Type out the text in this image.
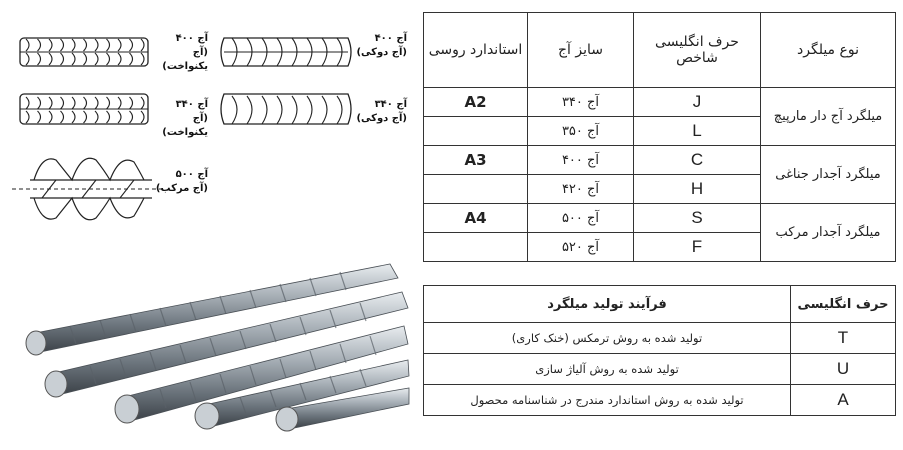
آج ۴۰۰
(آج یکنواخت)
آج ۴۰۰
(آج دوکی)
آج ۳۴۰
(آج یکنواخت)
آج ۳۴۰
(آج دوکی)
آج ۵۰۰
(آج مرکب)
نوع میلگرد	حرف انگلیسی شاخص	سایز آج	استاندارد روسی
میلگرد آج دار مارپیچ	J	آج ۳۴۰	A2
	L	آج ۳۵۰	
میلگرد آجدار جناغی	C	آج ۴۰۰	A3
	H	آج ۴۲۰	
میلگرد آجدار مرکب	S	آج ۵۰۰	A4
	F	آج ۵۲۰	
حرف انگلیسی	فرآیند تولید میلگرد
T	تولید شده به روش ترمکس (خنک کاری)
U	تولید شده به روش آلیاژ سازی
A	تولید شده به روش استاندارد مندرج در شناسنامه محصول
